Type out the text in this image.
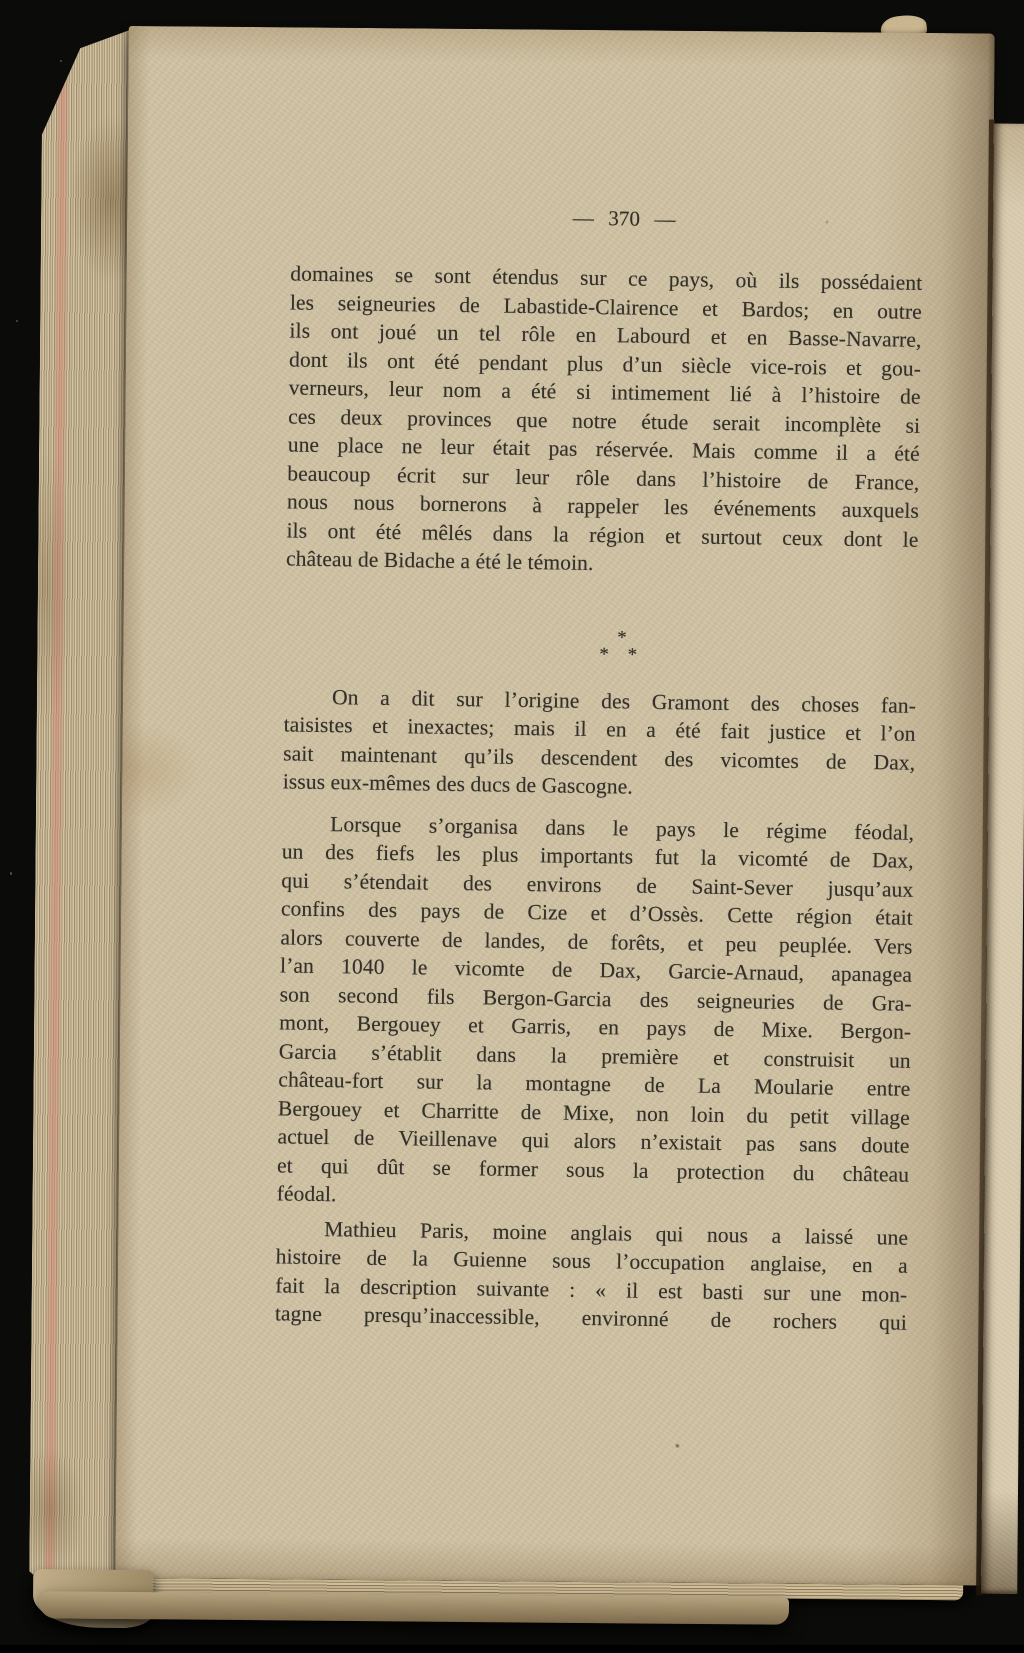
— 370 —
domaines se sont étendus sur ce pays, où ils possédaient
les seigneuries de Labastide-Clairence et Bardos; en outre
ils ont joué un tel rôle en Labourd et en Basse-Navarre,
dont ils ont été pendant plus d’un siècle vice-rois et gou-
verneurs, leur nom a été si intimement lié à l’histoire de
ces deux provinces que notre étude serait incomplète si
une place ne leur était pas réservée. Mais comme il a été
beaucoup écrit sur leur rôle dans l’histoire de France,
nous nous bornerons à rappeler les événements auxquels
ils ont été mêlés dans la région et surtout ceux dont le
château de Bidache a été le témoin.
*
* *
On a dit sur l’origine des Gramont des choses fan-
taisistes et inexactes; mais il en a été fait justice et l’on
sait maintenant qu’ils descendent des vicomtes de Dax,
issus eux-mêmes des ducs de Gascogne.
Lorsque s’organisa dans le pays le régime féodal,
un des fiefs les plus importants fut la vicomté de Dax,
qui s’étendait des environs de Saint-Sever jusqu’aux
confins des pays de Cize et d’Ossès. Cette région était
alors couverte de landes, de forêts, et peu peuplée. Vers
l’an 1040 le vicomte de Dax, Garcie-Arnaud, apanagea
son second fils Bergon-Garcia des seigneuries de Gra-
mont, Bergouey et Garris, en pays de Mixe. Bergon-
Garcia s’établit dans la première et construisit un
château-fort sur la montagne de La Moularie entre
Bergouey et Charritte de Mixe, non loin du petit village
actuel de Vieillenave qui alors n’existait pas sans doute
et qui dût se former sous la protection du château
féodal.
Mathieu Paris, moine anglais qui nous a laissé une
histoire de la Guienne sous l’occupation anglaise, en a
fait la description suivante : « il est basti sur une mon-
tagne presqu’inaccessible, environné de rochers qui
